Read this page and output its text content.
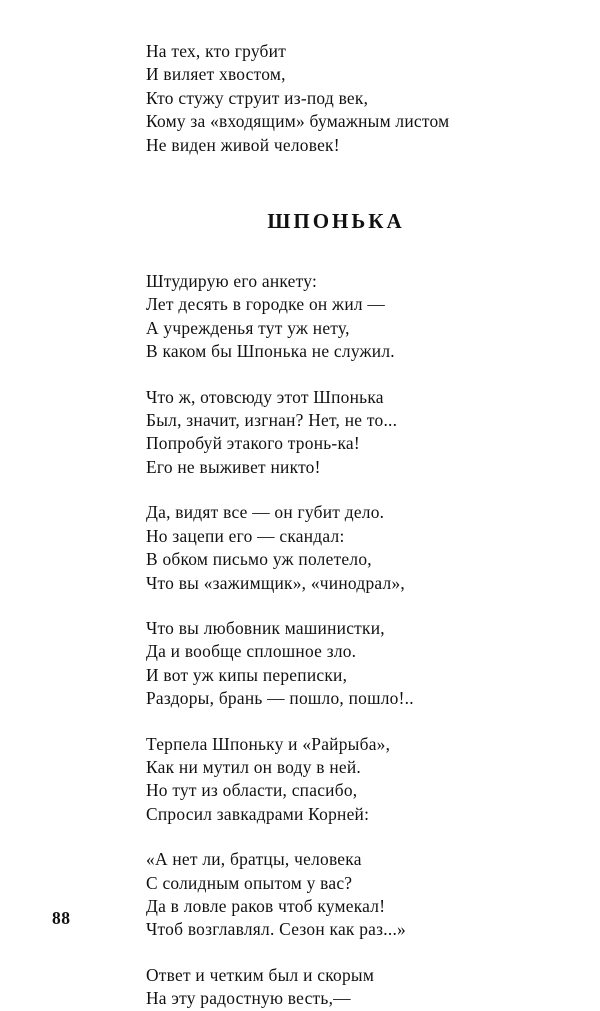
На тех, кто грубит
И виляет хвостом,
Кто стужу струит из-под век,
Кому за «входящим» бумажным листом
Не виден живой человек!
ШПОНЬКА
Штудирую его анкету:
Лет десять в городке он жил —
А учрежденья тут уж нету,
В каком бы Шпонька не служил.
Что ж, отовсюду этот Шпонька
Был, значит, изгнан? Нет, не то...
Попробуй этакого тронь-ка!
Его не выживет никто!
Да, видят все — он губит дело.
Но зацепи его — скандал:
В обком письмо уж полетело,
Что вы «зажимщик», «чинодрал»,
Что вы любовник машинистки,
Да и вообще сплошное зло.
И вот уж кипы переписки,
Раздоры, брань — пошло, пошло!..
Терпела Шпоньку и «Райрыба»,
Как ни мутил он воду в ней.
Но тут из области, спасибо,
Спросил завкадрами Корней:
«А нет ли, братцы, человека
С солидным опытом у вас?
Да в ловле раков чтоб кумекал!
Чтоб возглавлял. Сезон как раз...»
Ответ и четким был и скорым
На эту радостную весть,—
88
